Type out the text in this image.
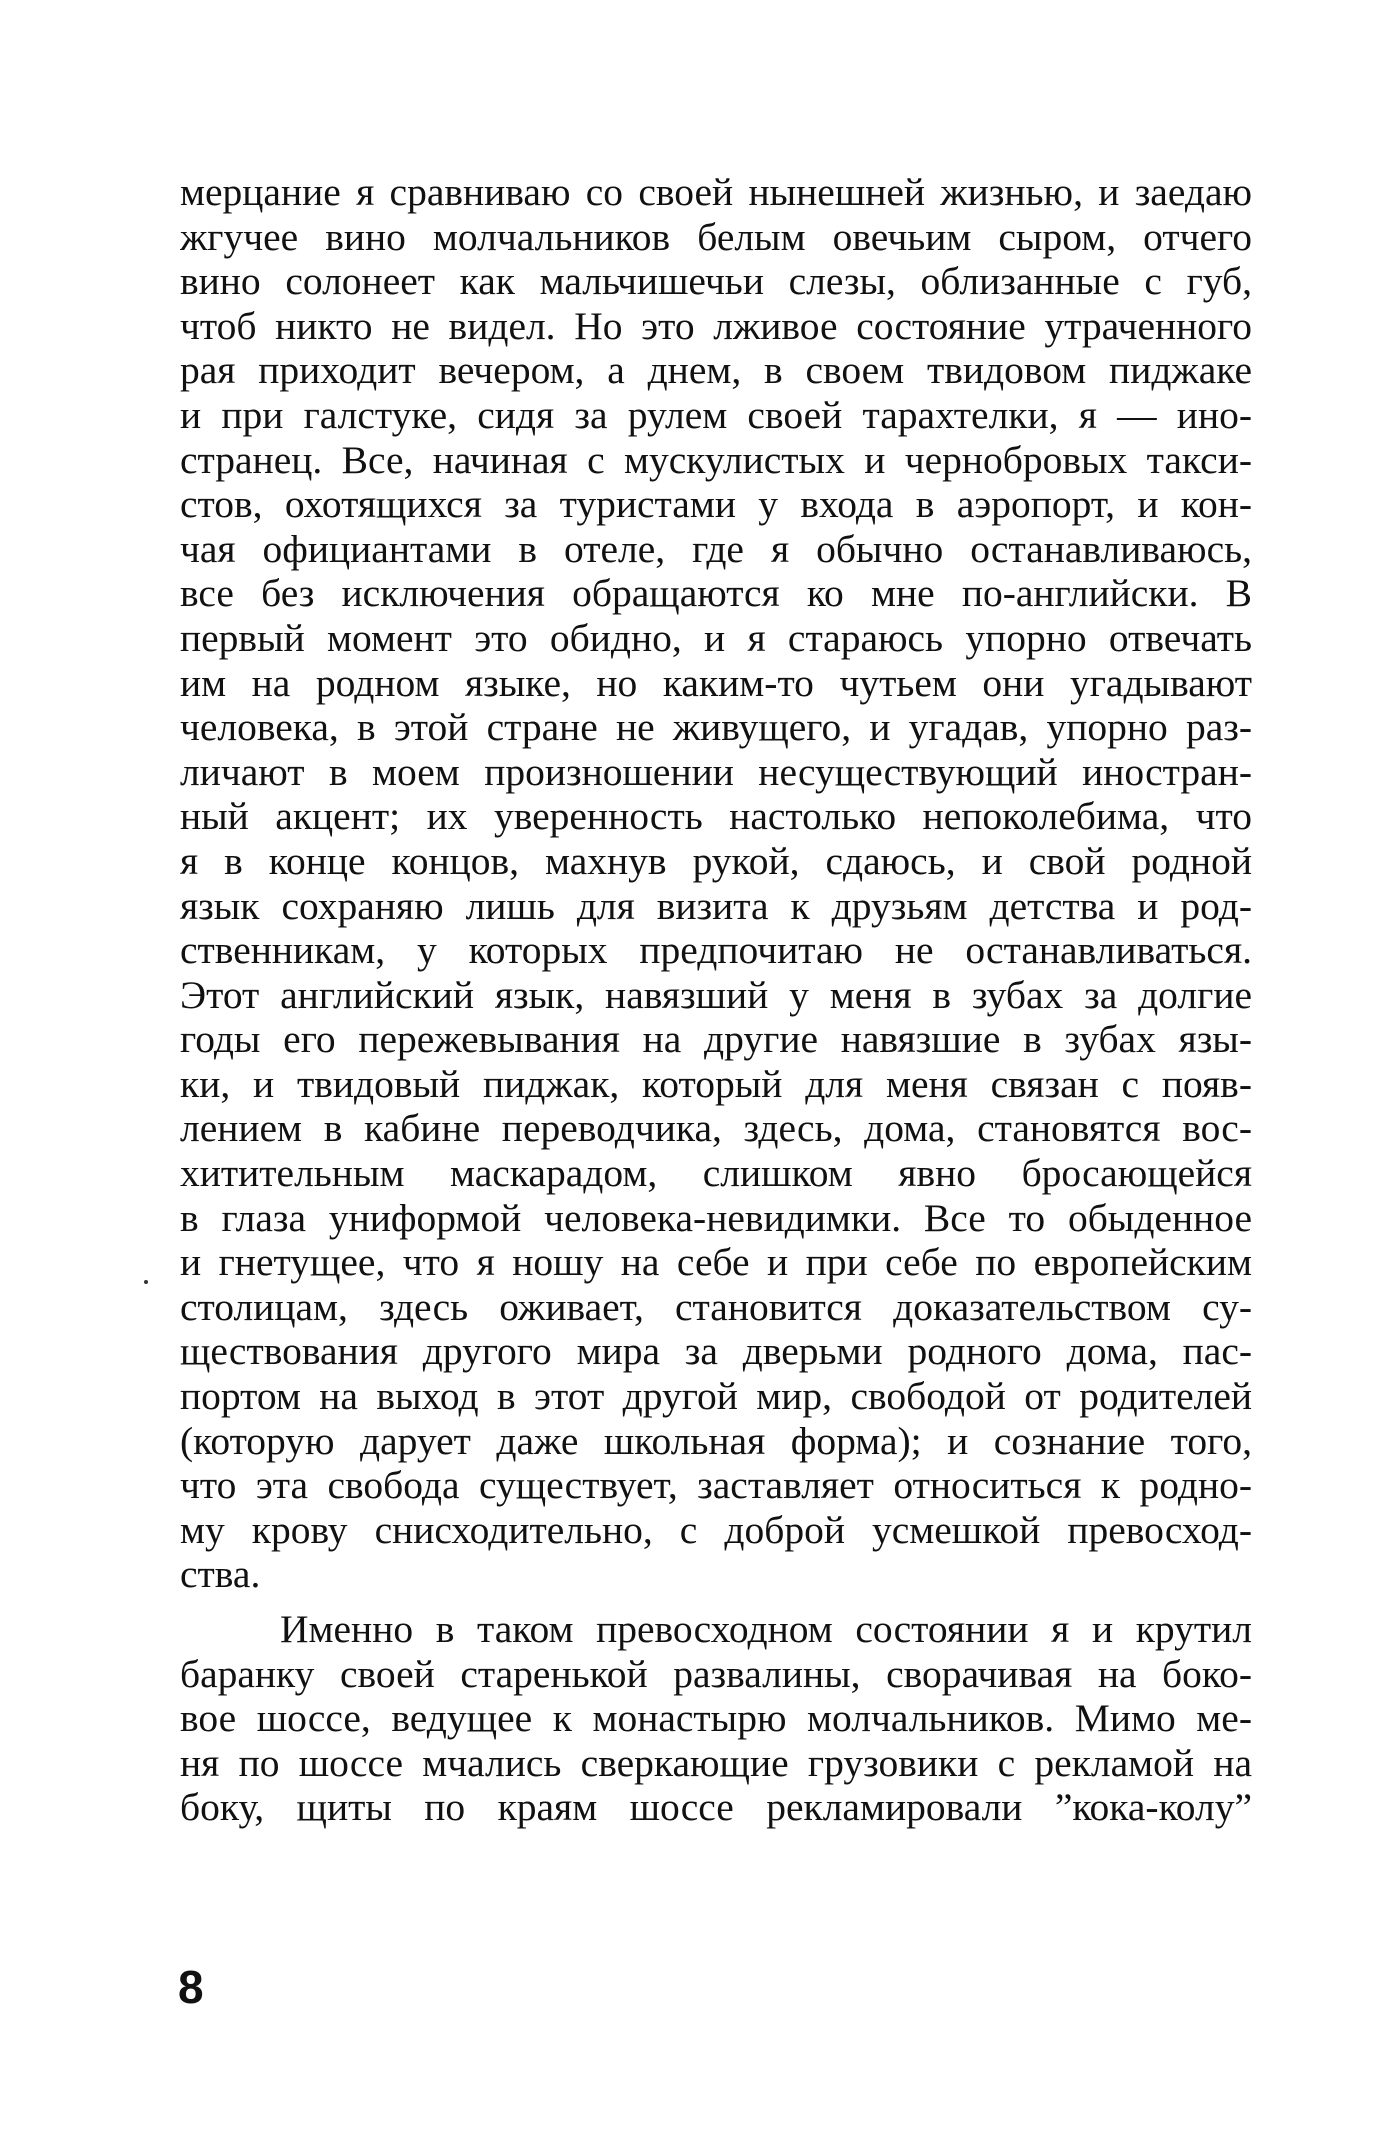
мерцание я сравниваю со своей нынешней жизнью, и заедаю
жгучее вино молчальников белым овечьим сыром, отчего
вино солонеет как мальчишечьи слезы, облизанные с губ,
чтоб никто не видел. Но это лживое состояние утраченного
рая приходит вечером, а днем, в своем твидовом пиджаке
и при галстуке, сидя за рулем своей тарахтелки, я — ино-
странец. Все, начиная с мускулистых и чернобровых такси-
стов, охотящихся за туристами у входа в аэропорт, и кон-
чая официантами в отеле, где я обычно останавливаюсь,
все без исключения обращаются ко мне по-английски. В
первый момент это обидно, и я стараюсь упорно отвечать
им на родном языке, но каким-то чутьем они угадывают
человека, в этой стране не живущего, и угадав, упорно раз-
личают в моем произношении несуществующий иностран-
ный акцент; их уверенность настолько непоколебима, что
я в конце концов, махнув рукой, сдаюсь, и свой родной
язык сохраняю лишь для визита к друзьям детства и род-
ственникам, у которых предпочитаю не останавливаться.
Этот английский язык, навязший у меня в зубах за долгие
годы его пережевывания на другие навязшие в зубах язы-
ки, и твидовый пиджак, который для меня связан с появ-
лением в кабине переводчика, здесь, дома, становятся вос-
хитительным маскарадом, слишком явно бросающейся
в глаза униформой человека-невидимки. Все то обыденное
и гнетущее, что я ношу на себе и при себе по европейским
столицам, здесь оживает, становится доказательством су-
ществования другого мира за дверьми родного дома, пас-
портом на выход в этот другой мир, свободой от родителей
(которую дарует даже школьная форма); и сознание того,
что эта свобода существует, заставляет относиться к родно-
му крову снисходительно, с доброй усмешкой превосход-
ства.
Именно в таком превосходном состоянии я и крутил
баранку своей старенькой развалины, сворачивая на боко-
вое шоссе, ведущее к монастырю молчальников. Мимо ме-
ня по шоссе мчались сверкающие грузовики с рекламой на
боку, щиты по краям шоссе рекламировали ”кока-колу”
8
